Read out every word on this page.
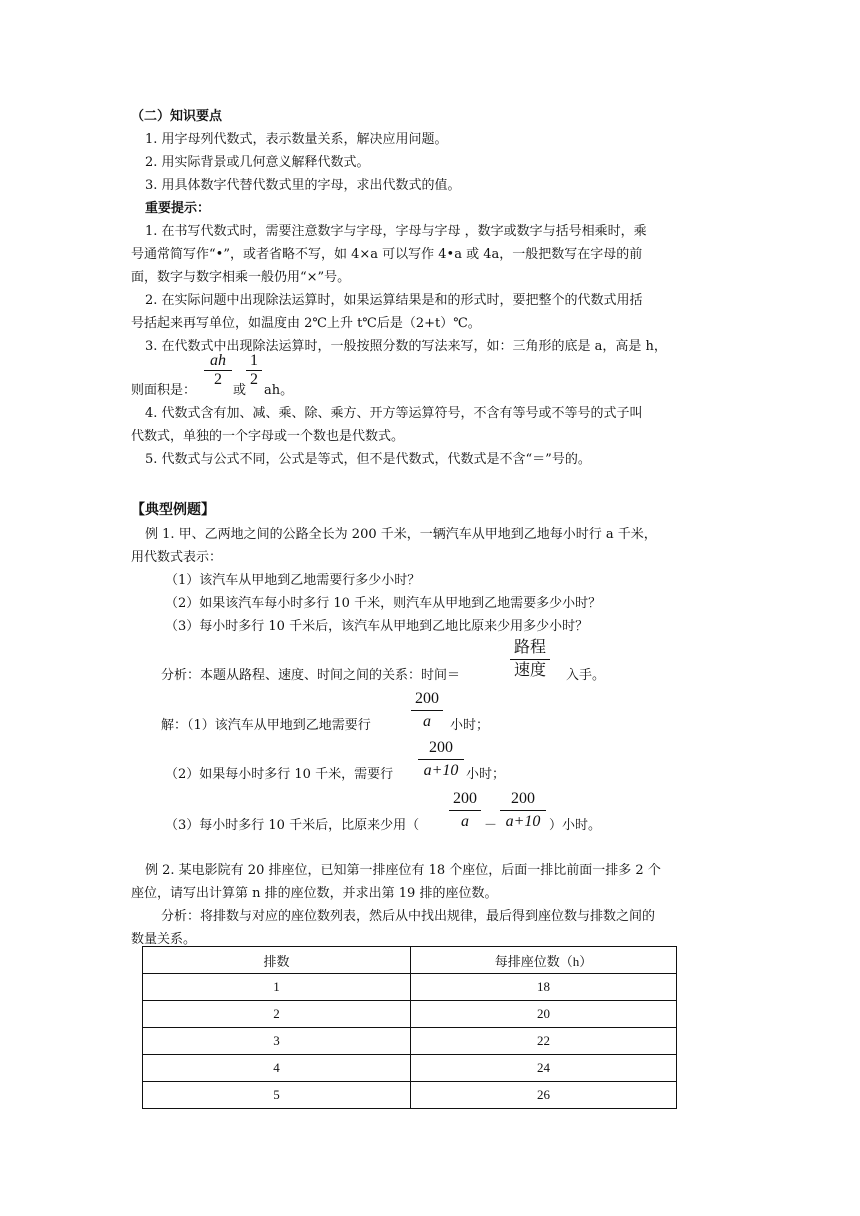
（二）知识要点
1. 用字母列代数式，表示数量关系，解决应用问题。
2. 用实际背景或几何意义解释代数式。
3. 用具体数字代替代数式里的字母，求出代数式的值。
重要提示：
1. 在书写代数式时，需要注意数字与字母，字母与字母 ，数字或数字与括号相乘时，乘
号通常简写作“•”，或者省略不写，如 4×a 可以写作 4•a 或 4a，一般把数写在字母的前
面，数字与数字相乘一般仍用“×”号。
2. 在实际问题中出现除法运算时，如果运算结果是和的形式时，要把整个的代数式用括
号括起来再写单位，如温度由 2℃上升 t℃后是（2+t）℃。
3. 在代数式中出现除法运算时，一般按照分数的写法来写，如：三角形的底是 a，高是 h，
则面积是：
ah
2
或
1
2
ah。
4. 代数式含有加、减、乘、除、乘方、开方等运算符号，不含有等号或不等号的式子叫
代数式，单独的一个字母或一个数也是代数式。
5. 代数式与公式不同，公式是等式，但不是代数式，代数式是不含“＝”号的。
【典型例题】
例 1. 甲、乙两地之间的公路全长为 200 千米，一辆汽车从甲地到乙地每小时行 a 千米，
用代数式表示：
（1）该汽车从甲地到乙地需要行多少小时？
（2）如果该汽车每小时多行 10 千米，则汽车从甲地到乙地需要多少小时？
（3）每小时多行 10 千米后，该汽车从甲地到乙地比原来少用多少小时？
分析：本题从路程、速度、时间之间的关系：时间＝
路程
速度	入手。
解：（1）该汽车从甲地到乙地需要行
200
a	小时；
（2）如果每小时多行 10 千米，需要行
200
a+10 小时；
（3）每小时多行 10 千米后，比原来少用（
200
a	－
200
a+10 ）小时。
例 2. 某电影院有 20 排座位，已知第一排座位有 18 个座位，后面一排比前面一排多 2 个
座位，请写出计算第 n 排的座位数，并求出第 19 排的座位数。
分析：将排数与对应的座位数列表，然后从中找出规律，最后得到座位数与排数之间的
数量关系。
排数	每排座位数（h）
1	18
2	20
3	22
4	24
5	26
